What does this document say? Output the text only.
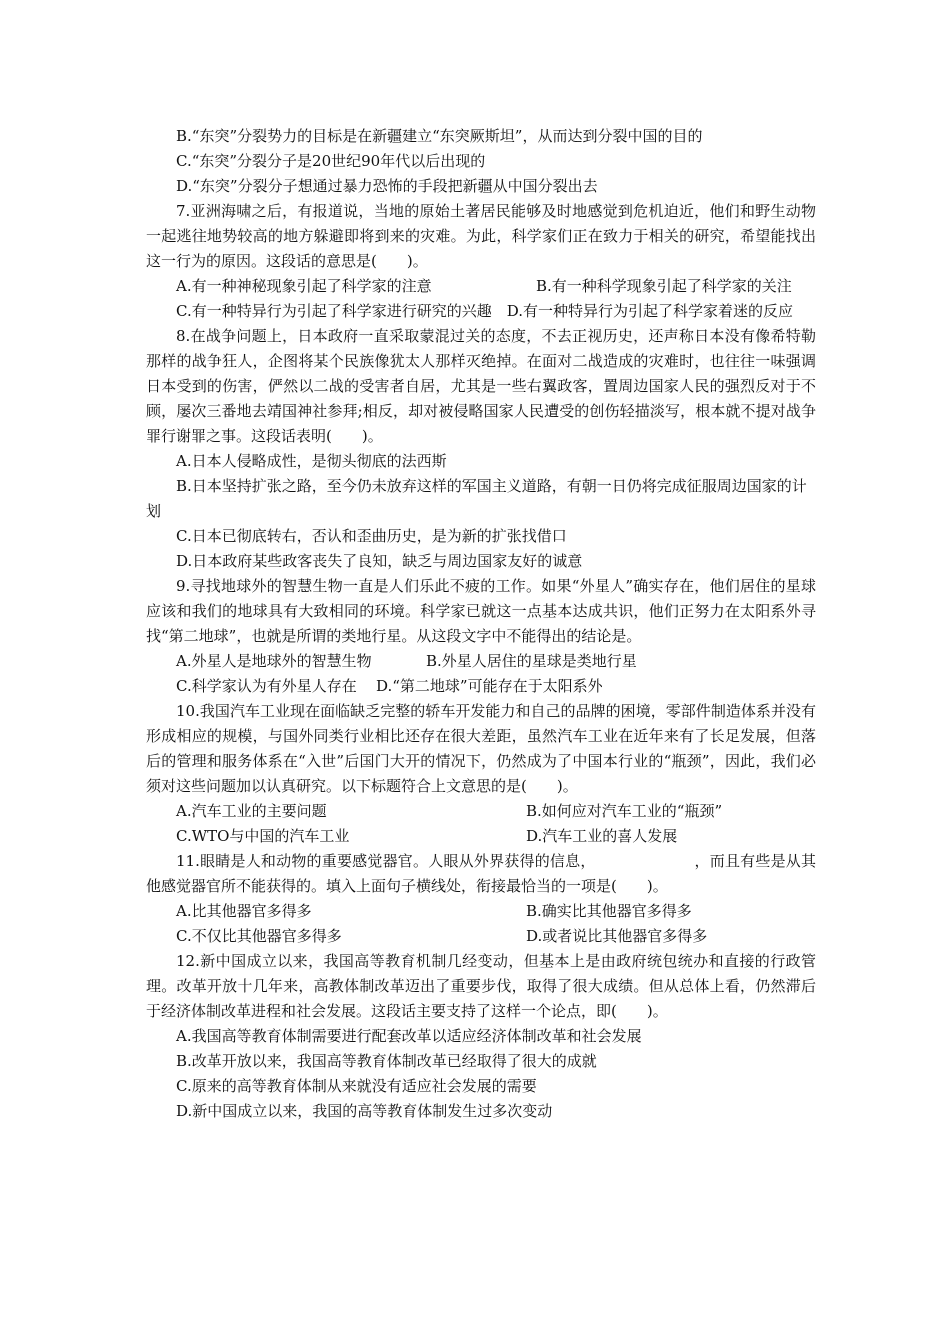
B.“东突”分裂势力的目标是在新疆建立“东突厥斯坦”，从而达到分裂中国的目的
C.“东突”分裂分子是20世纪90年代以后出现的
D.“东突”分裂分子想通过暴力恐怖的手段把新疆从中国分裂出去
7.亚洲海啸之后，有报道说，当地的原始土著居民能够及时地感觉到危机迫近，他们和野生动物一起逃往地势较高的地方躲避即将到来的灾难。为此，科学家们正在致力于相关的研究，希望能找出这一行为的原因。这段话的意思是(　　)。
A.有一种神秘现象引起了科学家的注意	B.有一种科学现象引起了科学家的关注
C.有一种特异行为引起了科学家进行研究的兴趣　D.有一种特异行为引起了科学家着迷的反应
8.在战争问题上，日本政府一直采取蒙混过关的态度，不去正视历史，还声称日本没有像希特勒那样的战争狂人，企图将某个民族像犹太人那样灭绝掉。在面对二战造成的灾难时，也往往一味强调日本受到的伤害，俨然以二战的受害者自居，尤其是一些右翼政客，置周边国家人民的强烈反对于不顾，屡次三番地去靖国神社参拜;相反，却对被侵略国家人民遭受的创伤轻描淡写，根本就不提对战争罪行谢罪之事。这段话表明(　　)。
A.日本人侵略成性，是彻头彻底的法西斯
B.日本坚持扩张之路，至今仍未放弃这样的军国主义道路，有朝一日仍将完成征服周边国家的计划
C.日本已彻底转右，否认和歪曲历史，是为新的扩张找借口
D.日本政府某些政客丧失了良知，缺乏与周边国家友好的诚意
9.寻找地球外的智慧生物一直是人们乐此不疲的工作。如果“外星人”确实存在，他们居住的星球应该和我们的地球具有大致相同的环境。科学家已就这一点基本达成共识，他们正努力在太阳系外寻找“第二地球”，也就是所谓的类地行星。从这段文字中不能得出的结论是。
A.外星人是地球外的智慧生物	B.外星人居住的星球是类地行星
C.科学家认为有外星人存在	D.“第二地球”可能存在于太阳系外
10.我国汽车工业现在面临缺乏完整的轿车开发能力和自己的品牌的困境，零部件制造体系并没有形成相应的规模，与国外同类行业相比还存在很大差距，虽然汽车工业在近年来有了长足发展，但落后的管理和服务体系在“入世”后国门大开的情况下，仍然成为了中国本行业的“瓶颈”，因此，我们必须对这些问题加以认真研究。以下标题符合上文意思的是(　　)。
A.汽车工业的主要问题	B.如何应对汽车工业的“瓶颈”
C.WTO与中国的汽车工业	D.汽车工业的喜人发展
11.眼睛是人和动物的重要感觉器官。人眼从外界获得的信息，　　　　　　　，而且有些是从其他感觉器官所不能获得的。填入上面句子横线处，衔接最恰当的一项是(　　)。
A.比其他器官多得多	B.确实比其他器官多得多
C.不仅比其他器官多得多	D.或者说比其他器官多得多
12.新中国成立以来，我国高等教育机制几经变动，但基本上是由政府统包统办和直接的行政管理。改革开放十几年来，高教体制改革迈出了重要步伐，取得了很大成绩。但从总体上看，仍然滞后于经济体制改革进程和社会发展。这段话主要支持了这样一个论点，即(　　)。
A.我国高等教育体制需要进行配套改革以适应经济体制改革和社会发展
B.改革开放以来，我国高等教育体制改革已经取得了很大的成就
C.原来的高等教育体制从来就没有适应社会发展的需要
D.新中国成立以来，我国的高等教育体制发生过多次变动
